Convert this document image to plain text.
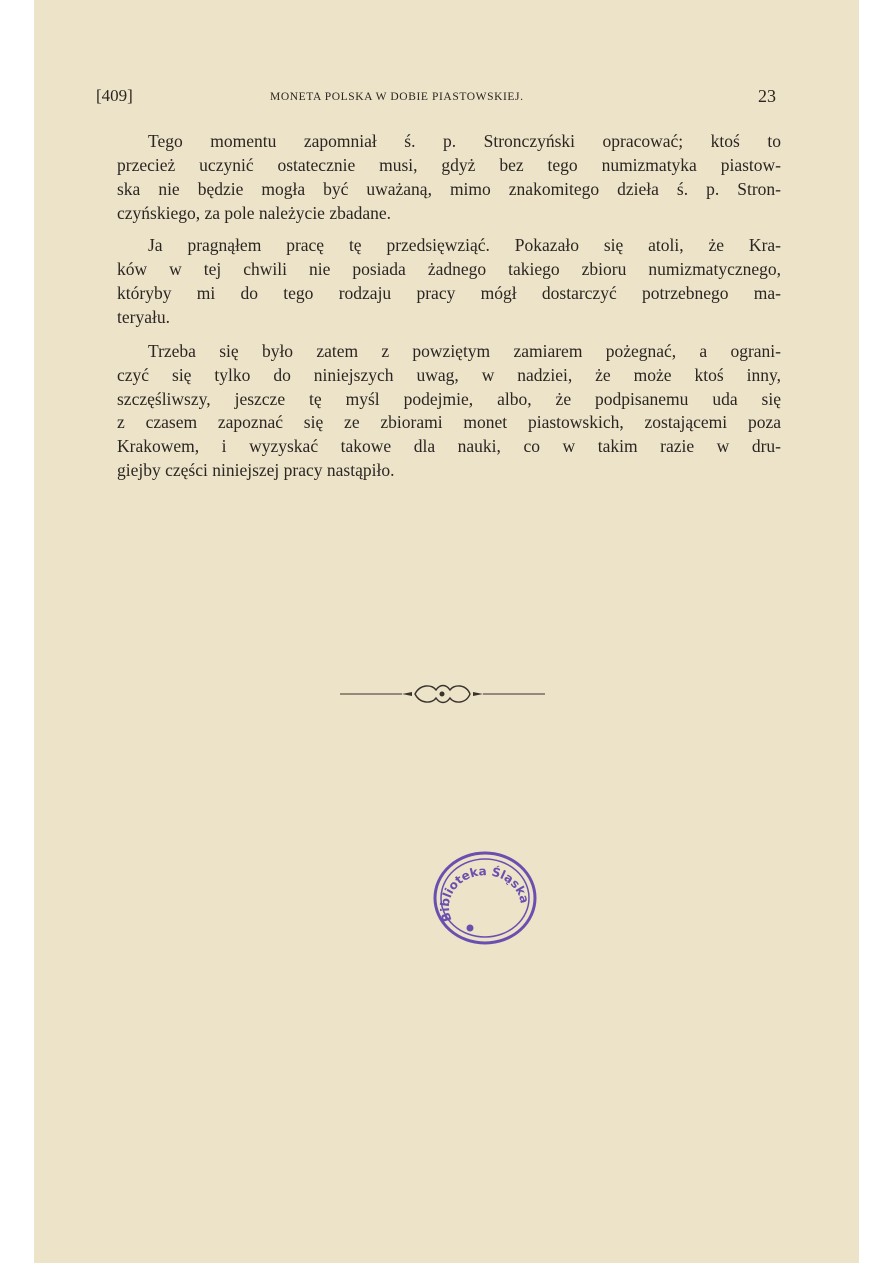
[409]	MONETA POLSKA W DOBIE PIASTOWSKIEJ.	23
Tego momentu zapomniał ś. p. Stronczyński opracować; ktoś to
przecież uczynić ostatecznie musi, gdyż bez tego numizmatyka piastow-
ska nie będzie mogła być uważaną, mimo znakomitego dzieła ś. p. Stron-
czyńskiego, za pole należycie zbadane.
Ja pragnąłem pracę tę przedsięwziąć. Pokazało się atoli, że Kra-
ków w tej chwili nie posiada żadnego takiego zbioru numizmatycznego,
któryby mi do tego rodzaju pracy mógł dostarczyć potrzebnego ma-
teryału.
Trzeba się było zatem z powziętym zamiarem pożegnać, a ograni-
czyć się tylko do niniejszych uwag, w nadziei, że może ktoś inny,
szczęśliwszy, jeszcze tę myśl podejmie, albo, że podpisanemu uda się
z czasem zapoznać się ze zbiorami monet piastowskich, zostającemi poza
Krakowem, i wyzyskać takowe dla nauki, co w takim razie w dru-
giejby części niniejszej pracy nastąpiło.
Biblioteka Śląska
